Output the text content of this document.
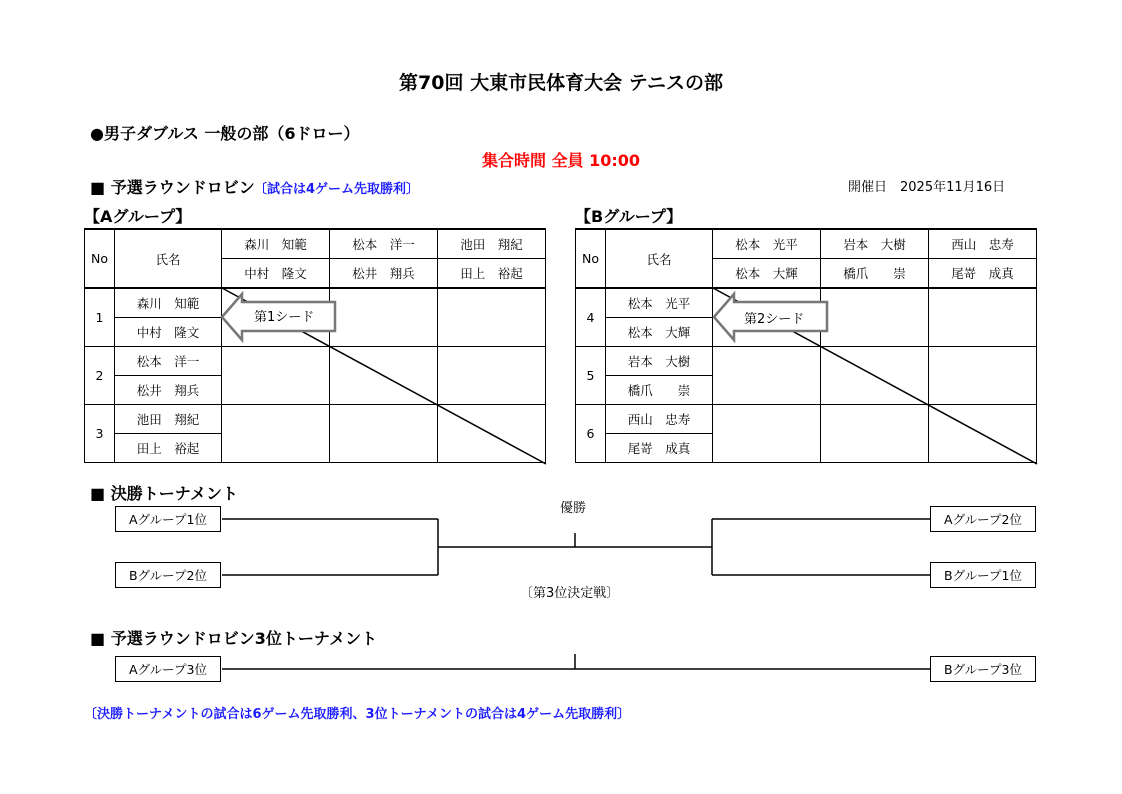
第70回 大東市民体育大会 テニスの部
●男子ダブルス 一般の部（6ドロー）
集合時間 全員 10:00
■ 予選ラウンドロビン 〔試合は4ゲーム先取勝利〕	開催日　2025年11月16日
【Aグループ】
No	氏名	森川　知範	松本　洋一	池田　翔紀
		中村　隆文	松井　翔兵	田上　裕起
1	森川　知範			
	中村　隆文			
2	松本　洋一			
	松井　翔兵			
3	池田　翔紀			
	田上　裕起			
【Bグループ】
No	氏名	松本　光平	岩本　大樹	西山　忠寿
		松本　大輝	橋爪　　崇	尾嵜　成真
4	松本　光平			
	松本　大輝			
5	岩本　大樹			
	橋爪　　崇			
6	西山　忠寿			
	尾嵜　成真			
第1シード	第2シード
■ 決勝トーナメント
優勝
〔第3位決定戦〕
Aグループ1位
Bグループ2位
Aグループ2位
Bグループ1位
■ 予選ラウンドロビン3位トーナメント
Aグループ3位	Bグループ3位
〔決勝トーナメントの試合は6ゲーム先取勝利、3位トーナメントの試合は4ゲーム先取勝利〕
